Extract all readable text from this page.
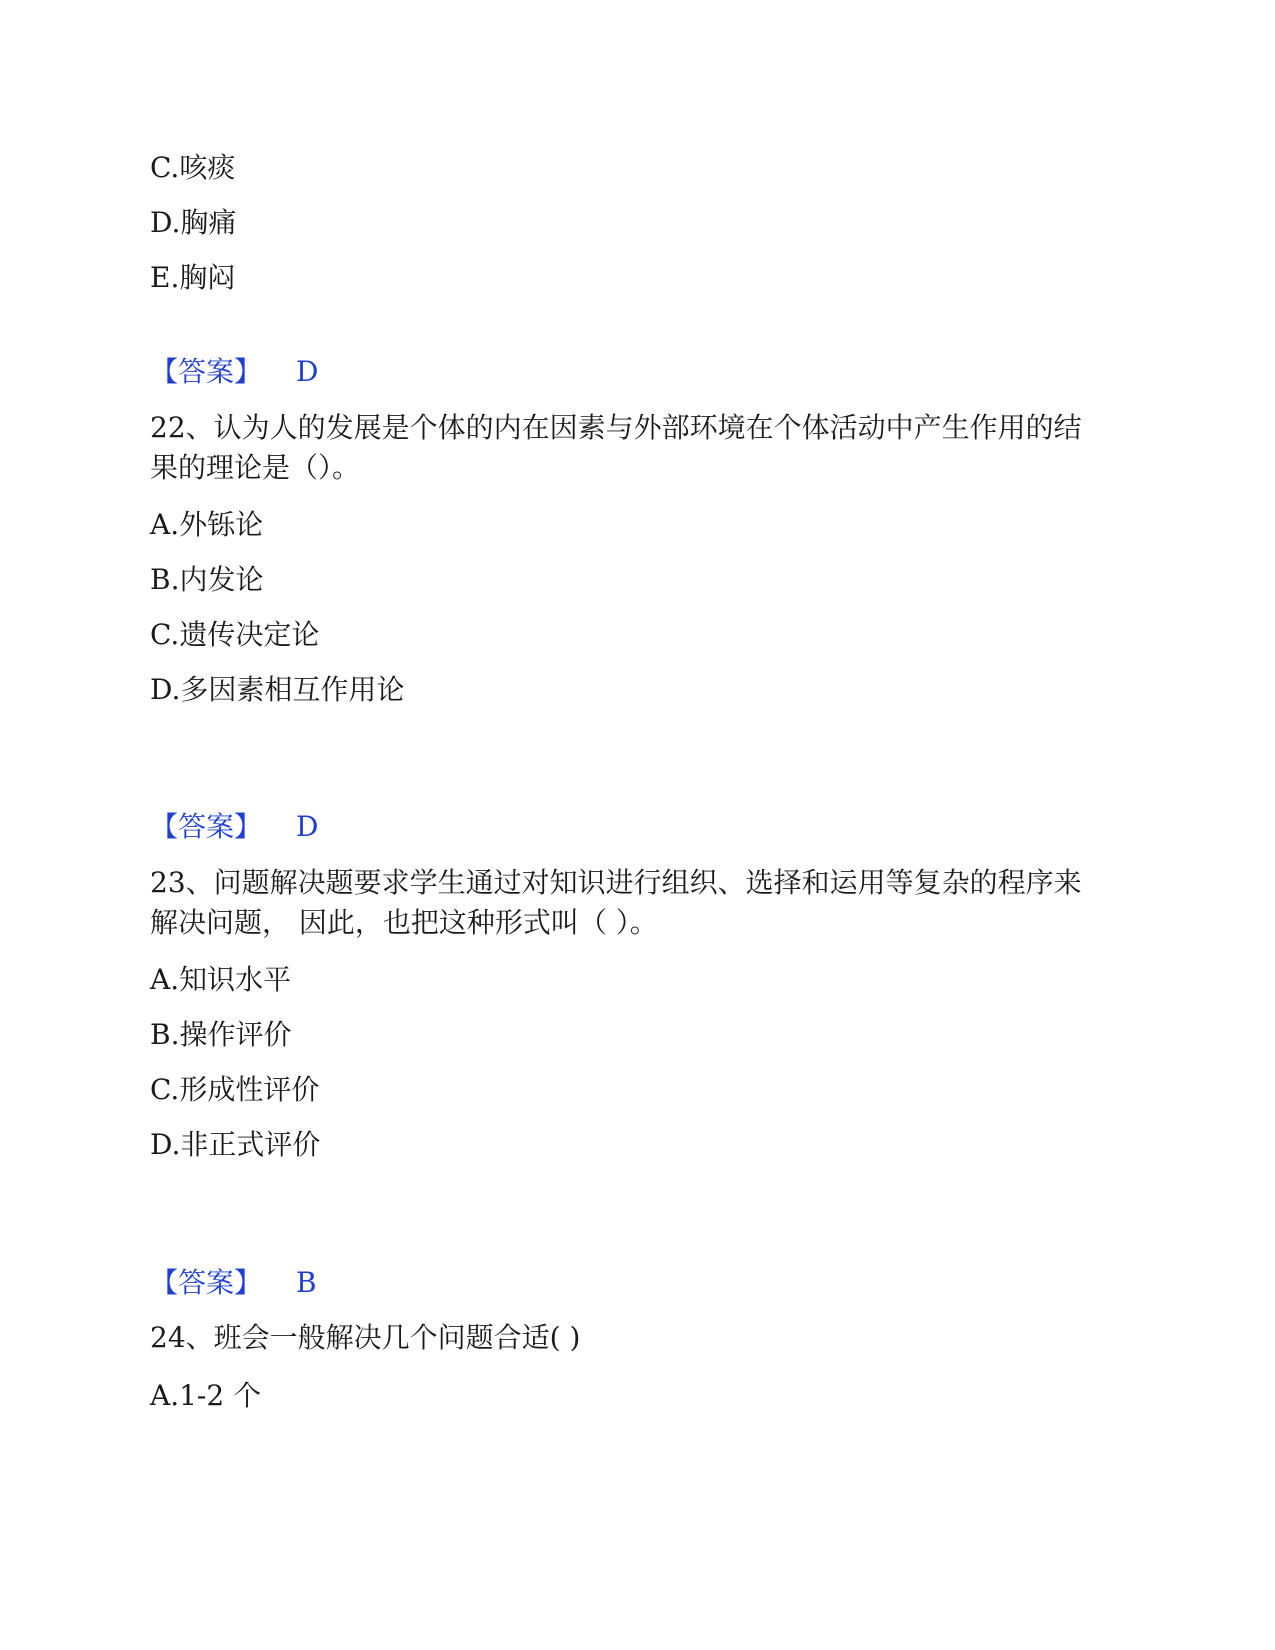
C.咳痰
D.胸痛
E.胸闷
【答案】 D
22、认为人的发展是个体的内在因素与外部环境在个体活动中产生作用的结
果的理论是（）。
A.外铄论
B.内发论
C.遗传决定论
D.多因素相互作用论
【答案】 D
23、问题解决题要求学生通过对知识进行组织、选择和运用等复杂的程序来
解决问题， 因此，也把这种形式叫（ ）。
A.知识水平
B.操作评价
C.形成性评价
D.非正式评价
【答案】 B
24、班会一般解决几个问题合适( )
A.1-2 个
